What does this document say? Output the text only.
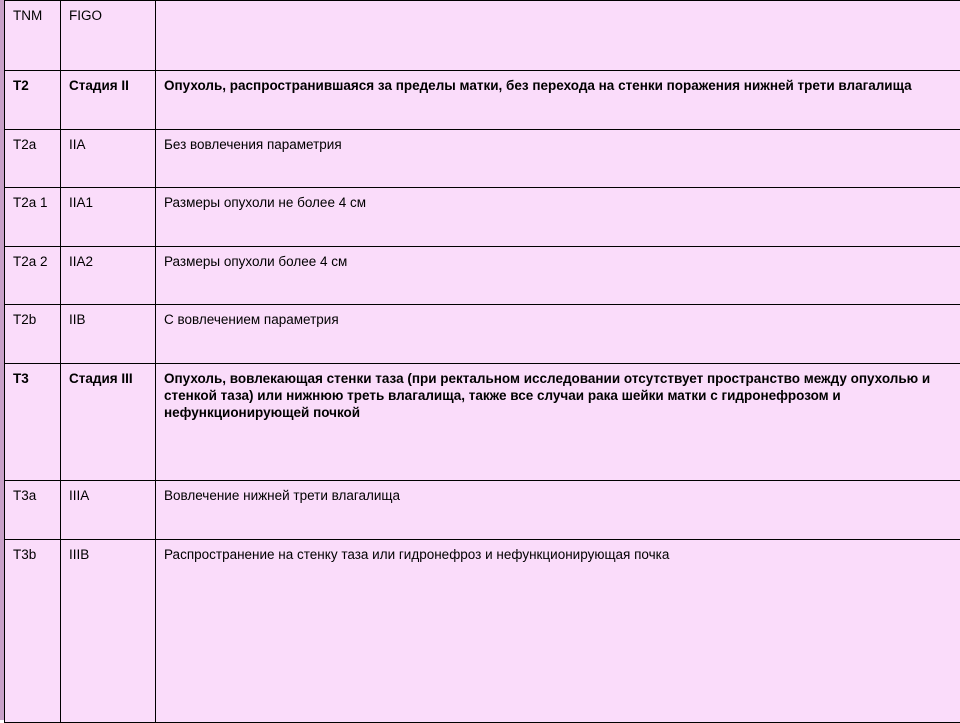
TNM	FIGO	
T2	Стадия II	Опухоль, распространившаяся за пределы матки, без перехода на стенки поражения нижней трети влагалища
T2a	IIA	Без вовлечения параметрия
T2a 1	IIA1	Размеры опухоли не более 4 см
T2a 2	IIA2	Размеры опухоли более 4 см
T2b	IIB	С вовлечением параметрия
T3	Стадия III	Опухоль, вовлекающая стенки таза (при ректальном исследовании отсутствует пространство между опухолью и стенкой таза) или нижнюю треть влагалища, также все случаи рака шейки матки с гидронефрозом и нефункционирующей почкой
T3a	IIIA	Вовлечение нижней трети влагалища
T3b	IIIB	Распространение на стенку таза или гидронефроз и нефункционирующая почка
